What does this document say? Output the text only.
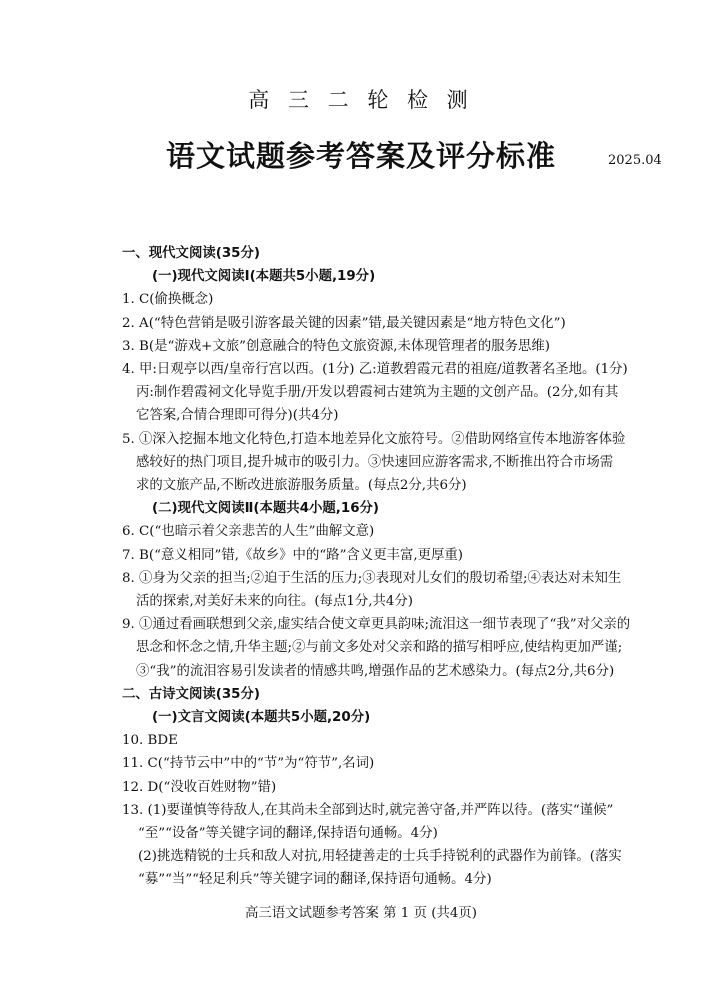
高 三 二 轮 检 测
语文试题参考答案及评分标准	2025.04
一、现代文阅读(35分)
(一)现代文阅读Ⅰ(本题共5小题,19分)
1. C(偷换概念)
2. A(“特色营销是吸引游客最关键的因素”错,最关键因素是“地方特色文化”)
3. B(是“游戏+文旅”创意融合的特色文旅资源,未体现管理者的服务思维)
4. 甲:日观亭以西/皇帝行宫以西。(1分) 乙:道教碧霞元君的祖庭/道教著名圣地。(1分)
丙:制作碧霞祠文化导览手册/开发以碧霞祠古建筑为主题的文创产品。(2分,如有其
它答案,合情合理即可得分)(共4分)
5. ①深入挖掘本地文化特色,打造本地差异化文旅符号。②借助网络宣传本地游客体验
感较好的热门项目,提升城市的吸引力。③快速回应游客需求,不断推出符合市场需
求的文旅产品,不断改进旅游服务质量。(每点2分,共6分)
(二)现代文阅读Ⅱ(本题共4小题,16分)
6. C(“也暗示着父亲悲苦的人生”曲解文意)
7. B(“意义相同”错,《故乡》中的“路”含义更丰富,更厚重)
8. ①身为父亲的担当;②迫于生活的压力;③表现对儿女们的殷切希望;④表达对未知生
活的探索,对美好未来的向往。(每点1分,共4分)
9. ①通过看画联想到父亲,虚实结合使文章更具韵味;流泪这一细节表现了“我”对父亲的
思念和怀念之情,升华主题;②与前文多处对父亲和路的描写相呼应,使结构更加严谨;
③“我”的流泪容易引发读者的情感共鸣,增强作品的艺术感染力。(每点2分,共6分)
二、古诗文阅读(35分)
(一)文言文阅读(本题共5小题,20分)
10. BDE
11. C(“持节云中”中的“节”为“符节”,名词)
12. D(“没收百姓财物”错)
13. (1)要谨慎等待敌人,在其尚未全部到达时,就完善守备,并严阵以待。(落实“谨候”
“至”“设备”等关键字词的翻译,保持语句通畅。4分)
(2)挑选精锐的士兵和敌人对抗,用轻捷善走的士兵手持锐利的武器作为前锋。(落实
“募”“当”“轻足利兵”等关键字词的翻译,保持语句通畅。4分)
高三语文试题参考答案 第 1 页 (共4页)
